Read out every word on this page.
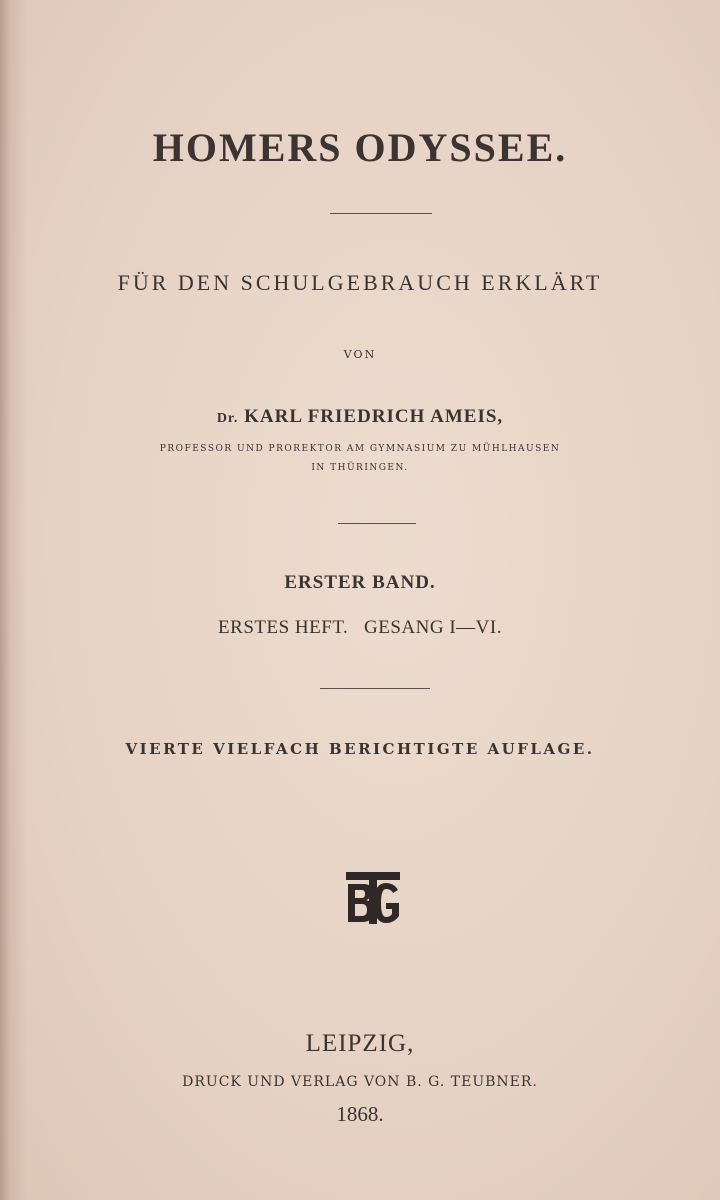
HOMERS ODYSSEE.
FÜR DEN SCHULGEBRAUCH ERKLÄRT
VON
Dr. KARL FRIEDRICH AMEIS,
PROFESSOR UND PROREKTOR AM GYMNASIUM ZU MÜHLHAUSEN
IN THÜRINGEN.
ERSTER BAND.
ERSTES HEFT.   GESANG I—VI.
VIERTE VIELFACH BERICHTIGTE AUFLAGE.
LEIPZIG,
DRUCK UND VERLAG VON B. G. TEUBNER.
1868.
